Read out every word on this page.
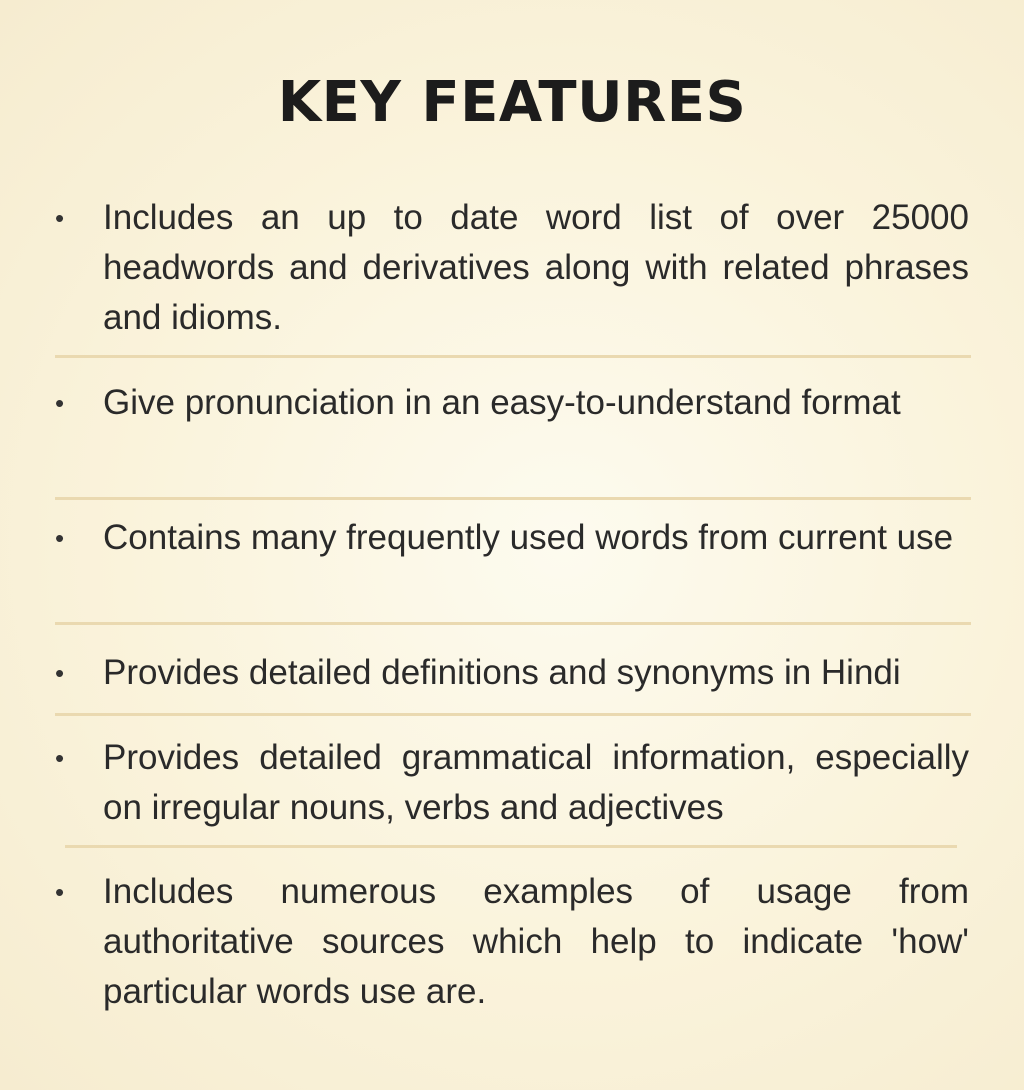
KEY FEATURES
• Includes an up to date word list of over 25000 headwords and derivatives along with related phrases and idioms.

• Give pronunciation in an easy-to-understand format

• Contains many frequently used words from current use

• Provides detailed definitions and synonyms in Hindi

• Provides detailed grammatical information, especially on irregular nouns, verbs and adjectives

• Includes numerous examples of usage from authoritative sources which help to indicate 'how' particular words use are.
